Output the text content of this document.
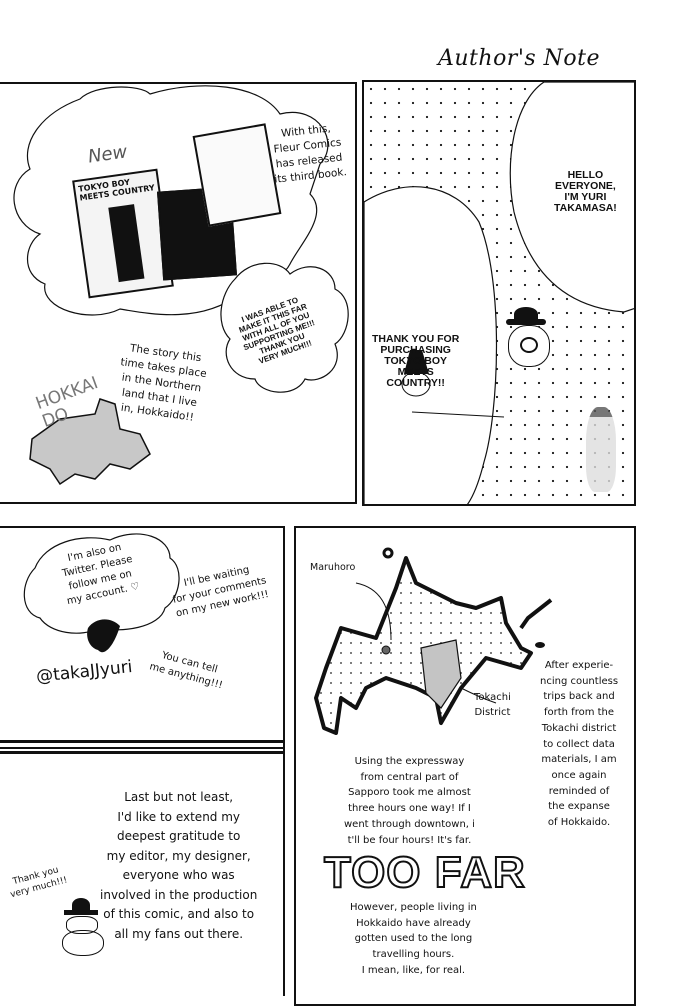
Author's Note
New
TOKYO BOY MEETS COUNTRY
With this,
Fleur Comics
has released
its third book.
I WAS ABLE TO
MAKE IT THIS FAR
WITH ALL OF YOU
SUPPORTING ME!!!
THANK YOU
VERY MUCH!!!
The story this
time takes place
in the Northern
land that I live
in, Hokkaido!!
HOKKAI
DO
HELLO
EVERYONE,
I'M YURI
TAKAMASA!
THANK YOU FOR
PURCHASING
TOKYO BOY
MEETS
COUNTRY!!
I'm also on
Twitter. Please
follow me on
my account. ♡
I'll be waiting
for your comments
on my new work!!!
@takaJJyuri	You can tell
me anything!!!
Last but not least,
I'd like to extend my
deepest gratitude to
my editor, my designer,
everyone who was
involved in the production
of this comic, and also to
all my fans out there.
Thank you
very much!!!
Maruhoro
Tokachi
District
After experie-
ncing countless
trips back and
forth from the
Tokachi district
to collect data
materials, I am
once again
reminded of
the expanse
of Hokkaido.
Using the expressway
from central part of
Sapporo took me almost
three hours one way! If I
went through downtown, i
t'll be four hours! It's far.
TOO FAR
However, people living in
Hokkaido have already
gotten used to the long
travelling hours.
I mean, like, for real.
